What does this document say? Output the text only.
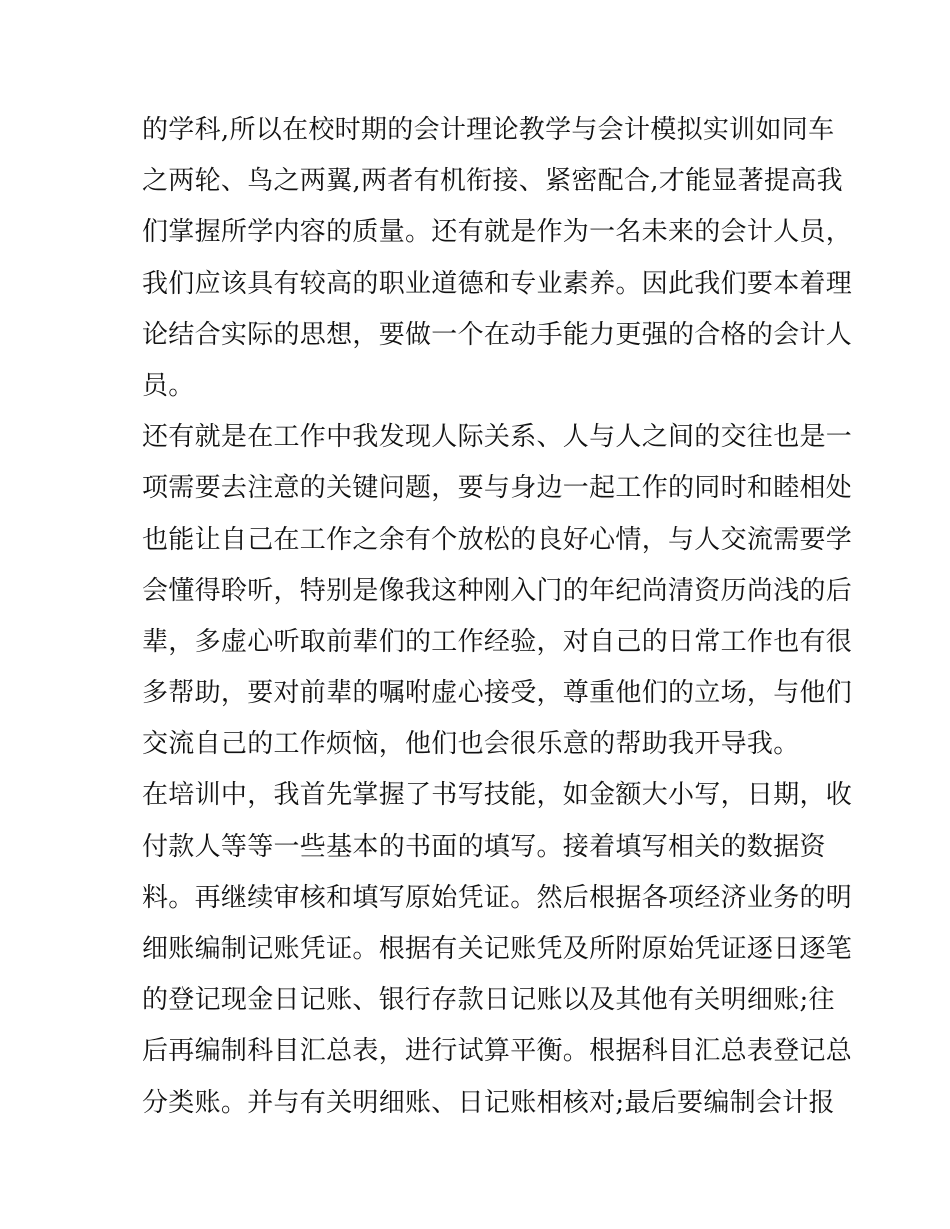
的学科,所以在校时期的会计理论教学与会计模拟实训如同车
之两轮、鸟之两翼,两者有机衔接、紧密配合,才能显著提高我
们掌握所学内容的质量。还有就是作为一名未来的会计人员，
我们应该具有较高的职业道德和专业素养。因此我们要本着理
论结合实际的思想，要做一个在动手能力更强的合格的会计人
员。
还有就是在工作中我发现人际关系、人与人之间的交往也是一
项需要去注意的关键问题，要与身边一起工作的同时和睦相处
也能让自己在工作之余有个放松的良好心情，与人交流需要学
会懂得聆听，特别是像我这种刚入门的年纪尚清资历尚浅的后
辈，多虚心听取前辈们的工作经验，对自己的日常工作也有很
多帮助，要对前辈的嘱咐虚心接受，尊重他们的立场，与他们
交流自己的工作烦恼，他们也会很乐意的帮助我开导我。
在培训中，我首先掌握了书写技能，如金额大小写，日期，收
付款人等等一些基本的书面的填写。接着填写相关的数据资
料。再继续审核和填写原始凭证。然后根据各项经济业务的明
细账编制记账凭证。根据有关记账凭及所附原始凭证逐日逐笔
的登记现金日记账、银行存款日记账以及其他有关明细账;往
后再编制科目汇总表，进行试算平衡。根据科目汇总表登记总
分类账。并与有关明细账、日记账相核对;最后要编制会计报
